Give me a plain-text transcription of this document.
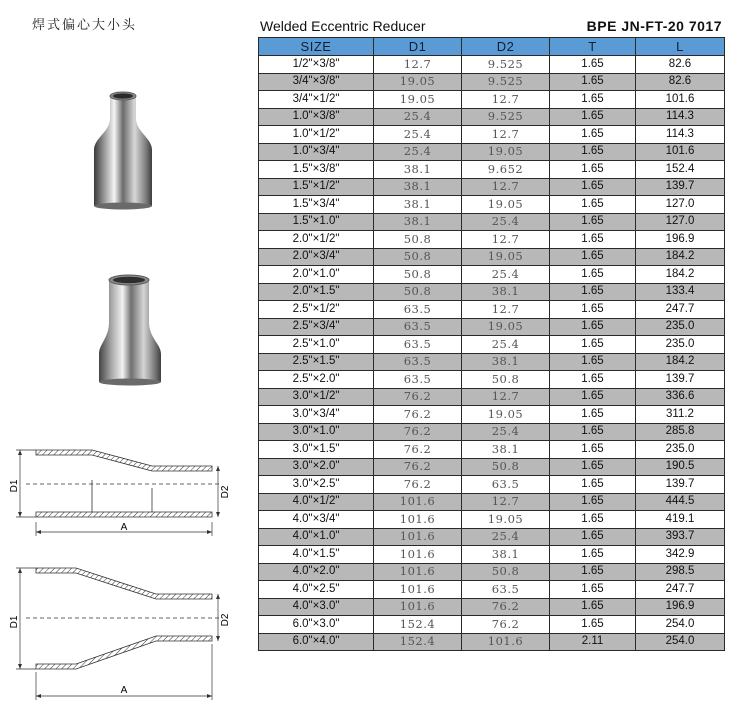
焊式偏心大小头
D1	D2
A
D1	D2
A
Welded Eccentric Reducer	BPE JN-FT-20 7017
SIZE	D1	D2	T	L
1/2"×3/8"	12.7	9.525	1.65	82.6
3/4"×3/8"	19.05	9.525	1.65	82.6
3/4"×1/2"	19.05	12.7	1.65	101.6
1.0"×3/8"	25.4	9.525	1.65	114.3
1.0"×1/2"	25.4	12.7	1.65	114.3
1.0"×3/4"	25.4	19.05	1.65	101.6
1.5"×3/8"	38.1	9.652	1.65	152.4
1.5"×1/2"	38.1	12.7	1.65	139.7
1.5"×3/4"	38.1	19.05	1.65	127.0
1.5"×1.0"	38.1	25.4	1.65	127.0
2.0"×1/2"	50.8	12.7	1.65	196.9
2.0"×3/4"	50.8	19.05	1.65	184.2
2.0"×1.0"	50.8	25.4	1.65	184.2
2.0"×1.5"	50.8	38.1	1.65	133.4
2.5"×1/2"	63.5	12.7	1.65	247.7
2.5"×3/4"	63.5	19.05	1.65	235.0
2.5"×1.0"	63.5	25.4	1.65	235.0
2.5"×1.5"	63.5	38.1	1.65	184.2
2.5"×2.0"	63.5	50.8	1.65	139.7
3.0"×1/2"	76.2	12.7	1.65	336.6
3.0"×3/4"	76.2	19.05	1.65	311.2
3.0"×1.0"	76.2	25.4	1.65	285.8
3.0"×1.5"	76.2	38.1	1.65	235.0
3.0"×2.0"	76.2	50.8	1.65	190.5
3.0"×2.5"	76.2	63.5	1.65	139.7
4.0"×1/2"	101.6	12.7	1.65	444.5
4.0"×3/4"	101.6	19.05	1.65	419.1
4.0"×1.0"	101.6	25.4	1.65	393.7
4.0"×1.5"	101.6	38.1	1.65	342.9
4.0"×2.0"	101.6	50.8	1.65	298.5
4.0"×2.5"	101.6	63.5	1.65	247.7
4.0"×3.0"	101.6	76.2	1.65	196.9
6.0"×3.0"	152.4	76.2	1.65	254.0
6.0"×4.0"	152.4	101.6	2.11	254.0
